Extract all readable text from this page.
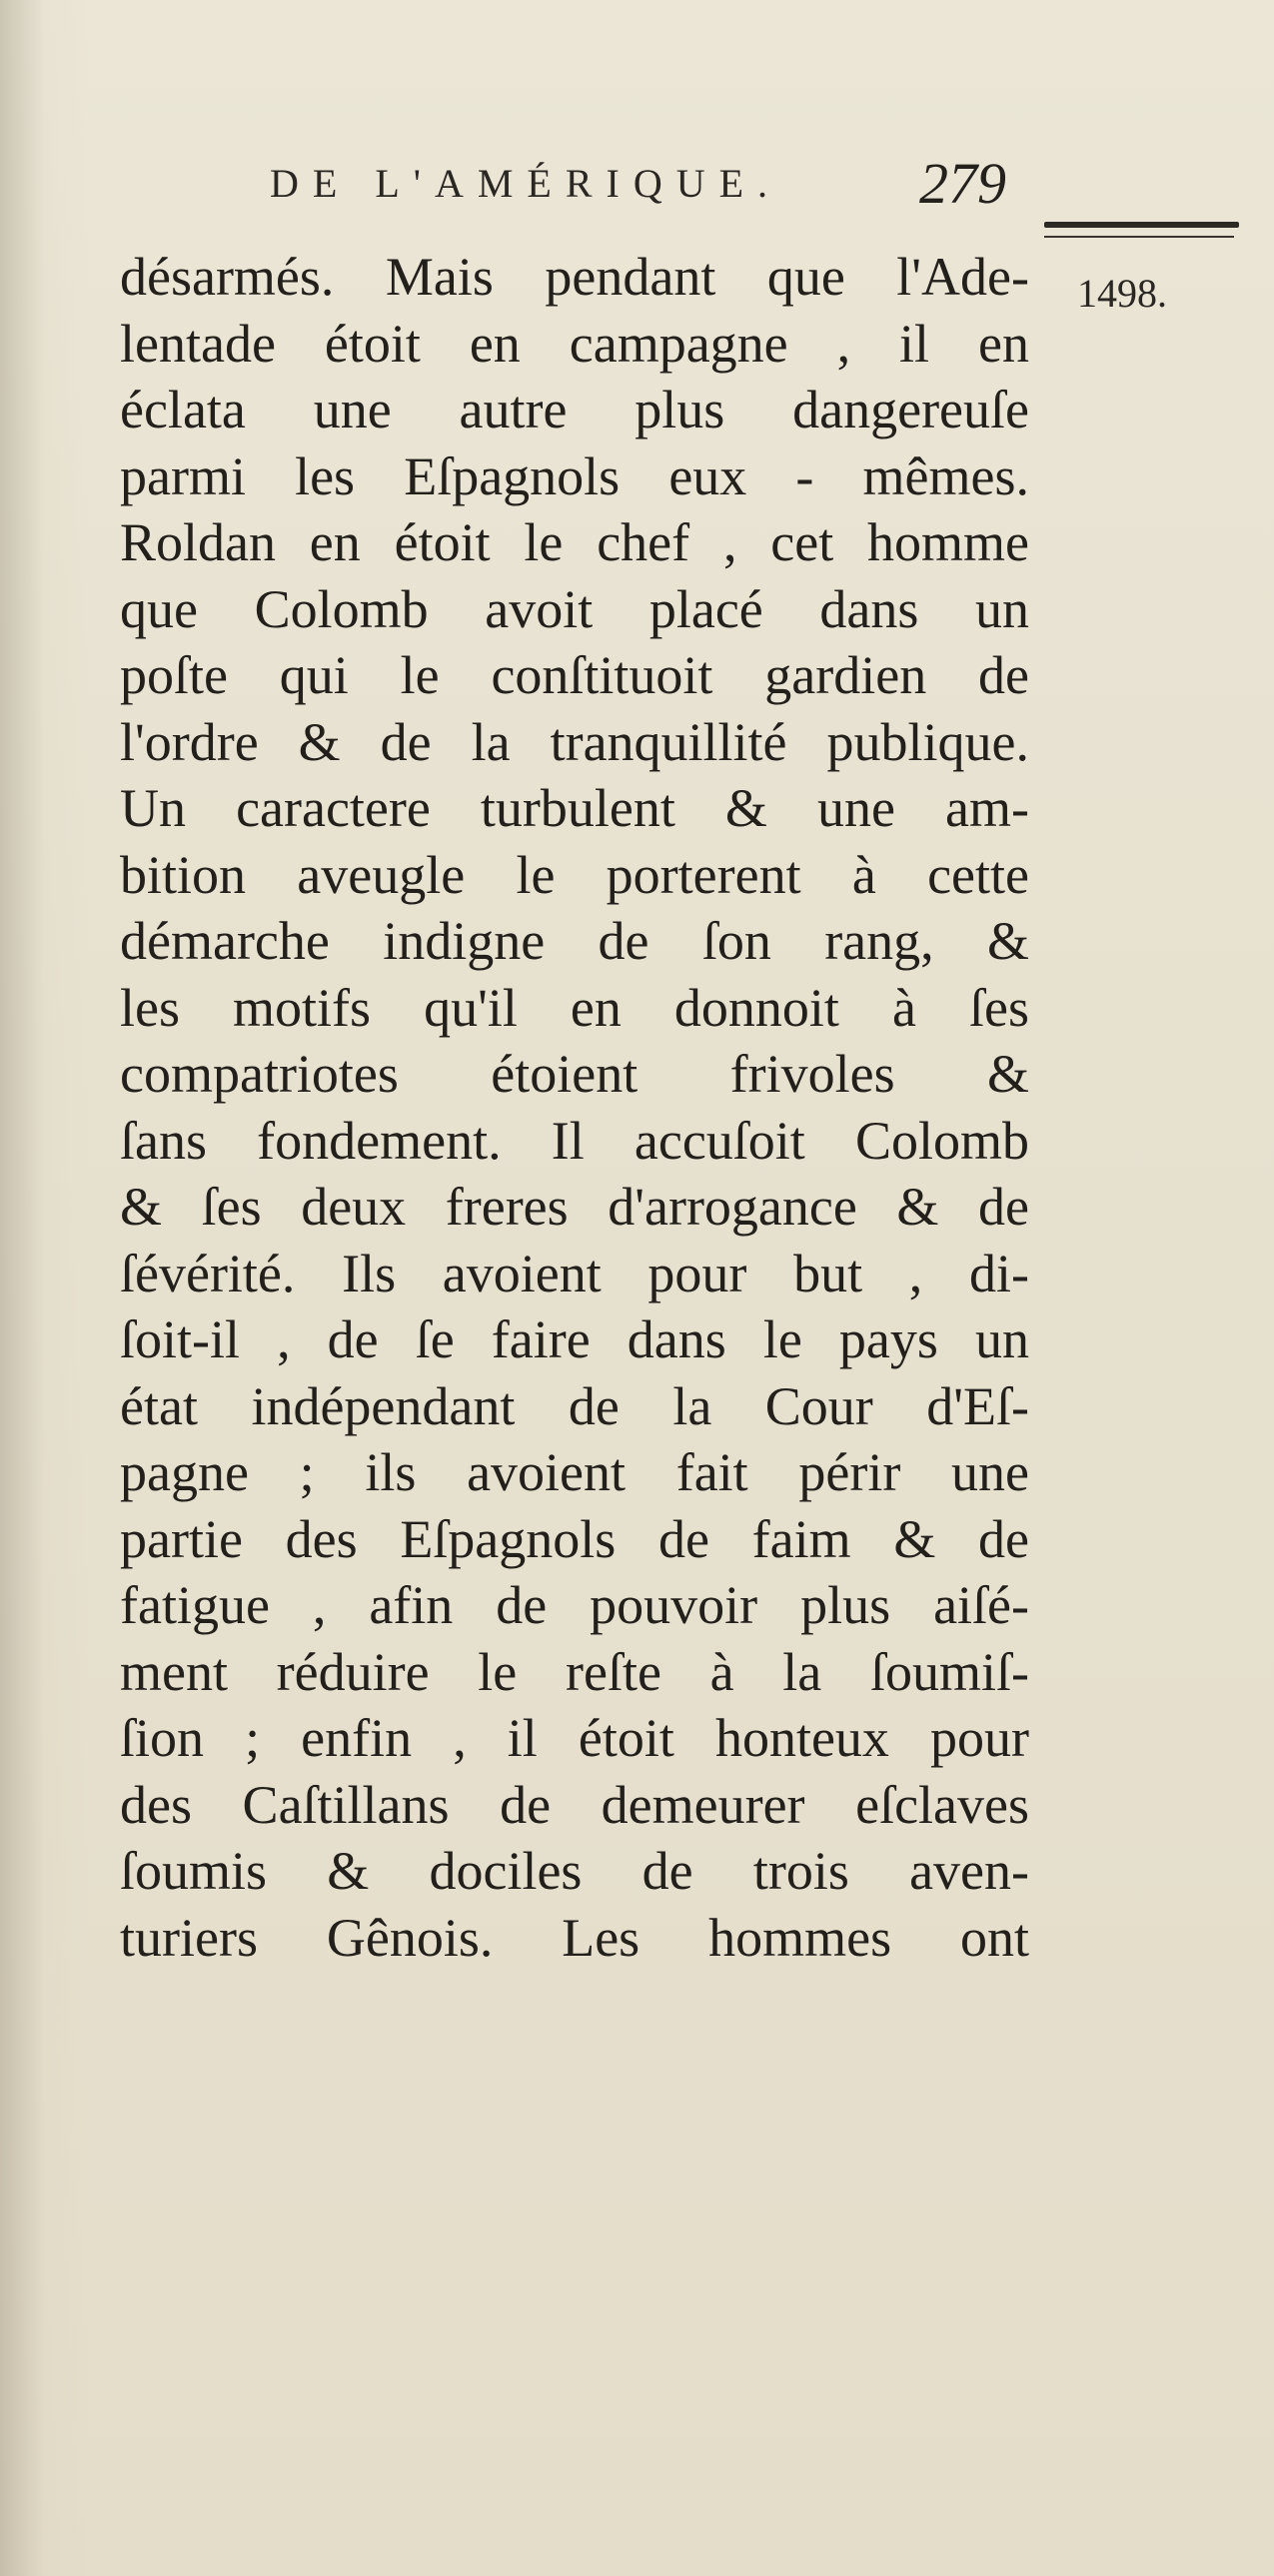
DE L'AMÉRIQUE. 279
1498.
désarmés. Mais pendant que l'Ade-
lentade étoit en campagne , il en
éclata une autre plus dangereuſe
parmi les Eſpagnols eux - mêmes.
Roldan en étoit le chef , cet homme
que Colomb avoit placé dans un
poſte qui le conſtituoit gardien de
l'ordre & de la tranquillité publique.
Un caractere turbulent & une am-
bition aveugle le porterent à cette
démarche indigne de ſon rang, &
les motifs qu'il en donnoit à ſes
compatriotes étoient frivoles &
ſans fondement. Il accuſoit Colomb
& ſes deux freres d'arrogance & de
ſévérité. Ils avoient pour but , di-
ſoit-il , de ſe faire dans le pays un
état indépendant de la Cour d'Eſ-
pagne ; ils avoient fait périr une
partie des Eſpagnols de faim & de
fatigue , afin de pouvoir plus aiſé-
ment réduire le reſte à la ſoumiſ-
ſion ; enfin , il étoit honteux pour
des Caſtillans de demeurer eſclaves
ſoumis & dociles de trois aven-
turiers Gênois. Les hommes ont
